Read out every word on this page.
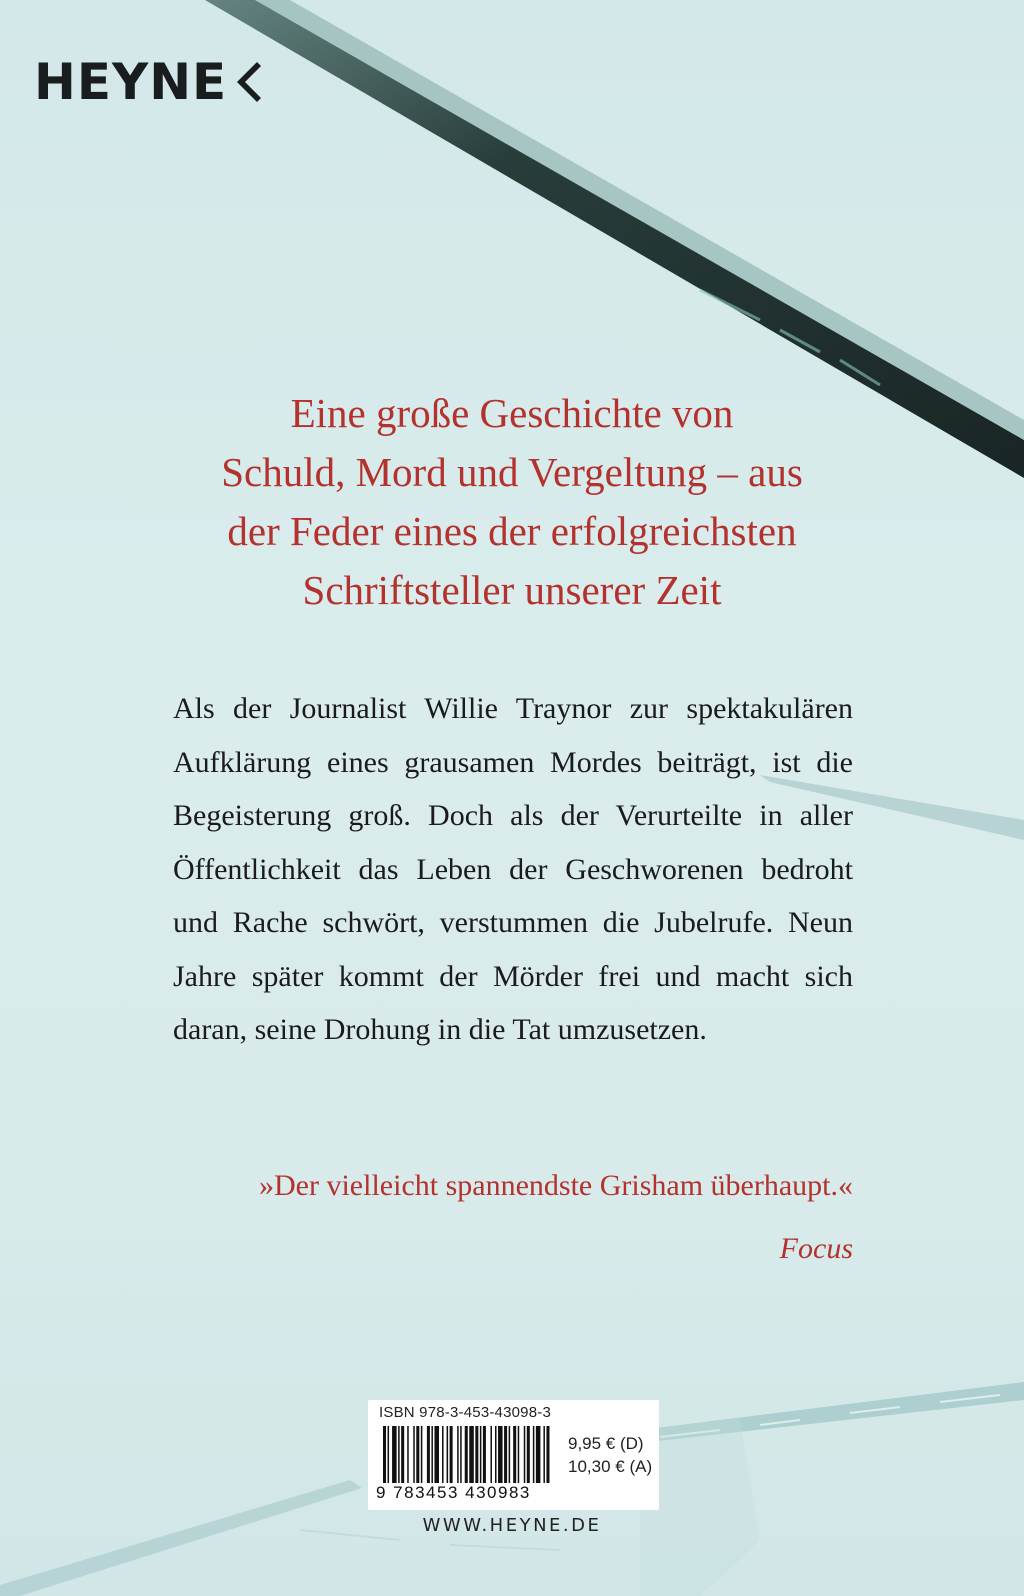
HEYNE
Eine große Geschichte von
Schuld, Mord und Vergeltung – aus
der Feder eines der erfolgreichsten
Schriftsteller unserer Zeit
Als der Journalist Willie Traynor zur spektakulären Aufklärung eines grausamen Mordes beiträgt, ist die Begeisterung groß. Doch als der Verurteilte in aller Öffentlichkeit das Leben der Geschworenen bedroht und Rache schwört, verstummen die Jubelrufe. Neun Jahre später kommt der Mörder frei und macht sich daran, seine Drohung in die Tat umzusetzen.
»Der vielleicht spannendste Grisham überhaupt.«
Focus
ISBN 978-3-453-43098-3
9 783453 430983
9,95 € (D)
10,30 € (A)
WWW.HEYNE.DE
